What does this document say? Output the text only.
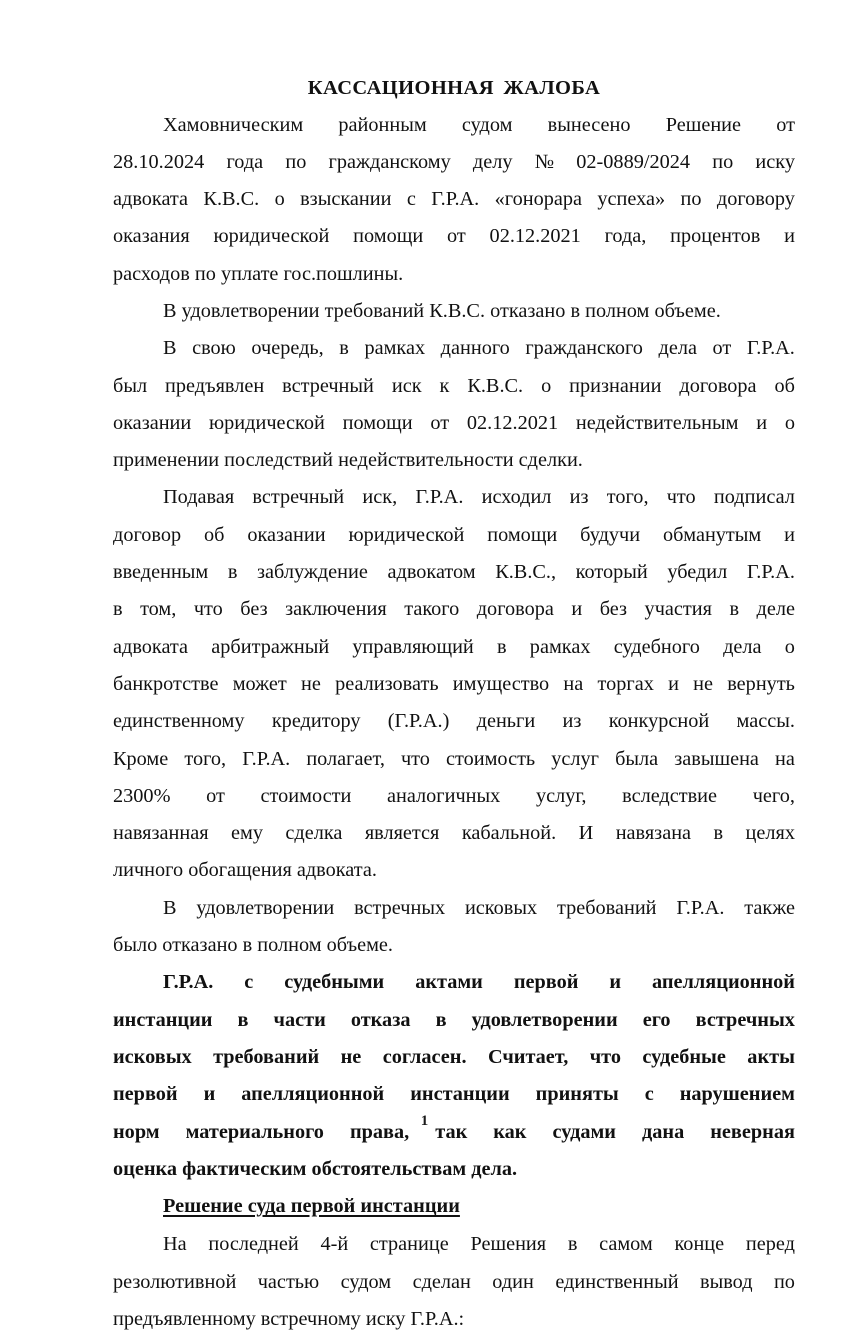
КАССАЦИОННАЯ ЖАЛОБА
Хамовническим районным судом вынесено Решение от
28.10.2024 года по гражданскому делу № 02-0889/2024 по иску
адвоката К.В.С. о взыскании с Г.Р.А. «гонорара успеха» по договору
оказания юридической помощи от 02.12.2021 года, процентов и
расходов по уплате гос.пошлины.
В удовлетворении требований К.В.С. отказано в полном объеме.
В свою очередь, в рамках данного гражданского дела от Г.Р.А.
был предъявлен встречный иск к К.В.С. о признании договора об
оказании юридической помощи от 02.12.2021 недействительным и о
применении последствий недействительности сделки.
Подавая встречный иск, Г.Р.А. исходил из того, что подписал
договор об оказании юридической помощи будучи обманутым и
введенным в заблуждение адвокатом К.В.С., который убедил Г.Р.А.
в том, что без заключения такого договора и без участия в деле
адвоката арбитражный управляющий в рамках судебного дела о
банкротстве может не реализовать имущество на торгах и не вернуть
единственному кредитору (Г.Р.А.) деньги из конкурсной массы.
Кроме того, Г.Р.А. полагает, что стоимость услуг была завышена на
2300% от стоимости аналогичных услуг, вследствие чего,
навязанная ему сделка является кабальной. И навязана в целях
личного обогащения адвоката.
В удовлетворении встречных исковых требований Г.Р.А. также
было отказано в полном объеме.
Г.Р.А. с судебными актами первой и апелляционной
инстанции в части отказа в удовлетворении его встречных
исковых требований не согласен. Считает, что судебные акты
первой и апелляционной инстанции приняты с нарушением
норм материального права, так как судами дана неверная
оценка фактическим обстоятельствам дела.
Решение суда первой инстанции
На последней 4-й странице Решения в самом конце перед
резолютивной частью судом сделан один единственный вывод по
предъявленному встречному иску Г.Р.А.:
1
